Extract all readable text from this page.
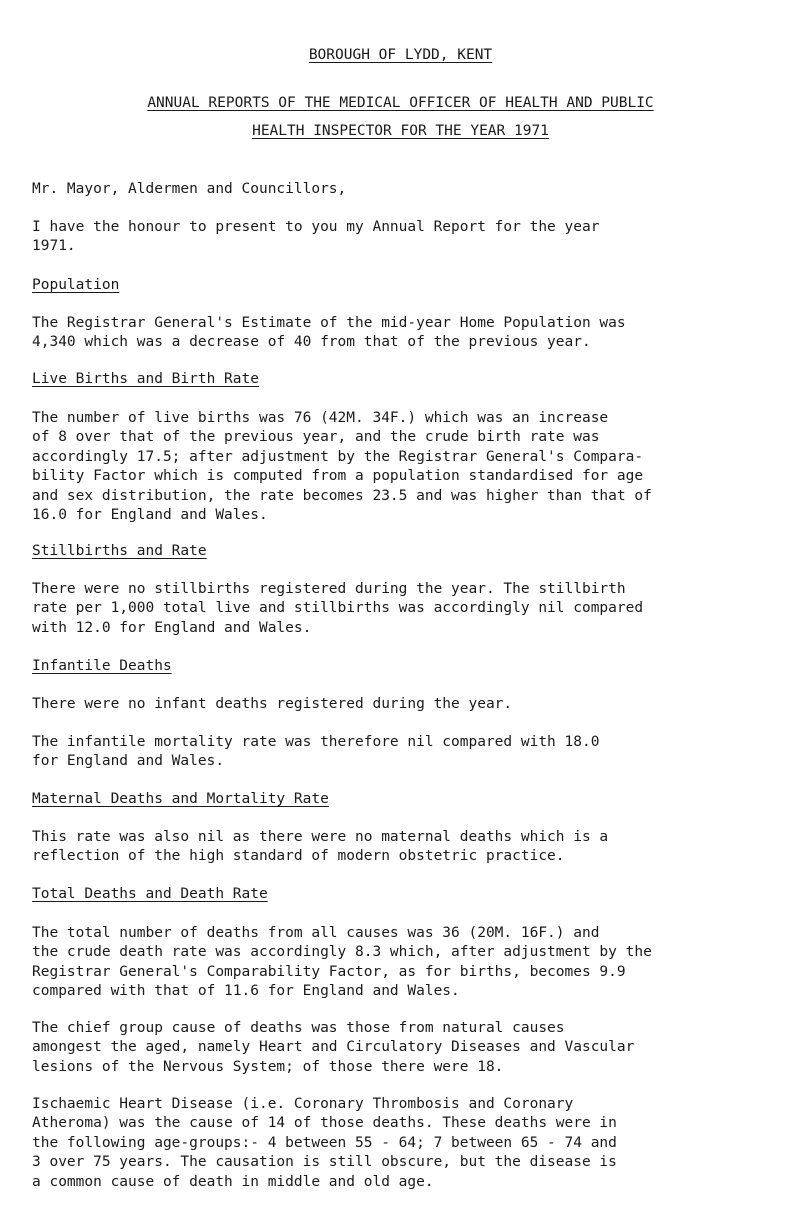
BOROUGH OF LYDD, KENT
ANNUAL REPORTS OF THE MEDICAL OFFICER OF HEALTH AND PUBLIC
HEALTH INSPECTOR FOR THE YEAR 1971
Mr. Mayor, Aldermen and Councillors,
I have the honour to present to you my Annual Report for the year
1971.
Population
The Registrar General's Estimate of the mid-year Home Population was
4,340 which was a decrease of 40 from that of the previous year.
Live Births and Birth Rate
The number of live births was 76 (42M. 34F.) which was an increase
of 8 over that of the previous year, and the crude birth rate was
accordingly 17.5; after adjustment by the Registrar General's Compara-
bility Factor which is computed from a population standardised for age
and sex distribution, the rate becomes 23.5 and was higher than that of
16.0 for England and Wales.
Stillbirths and Rate
There were no stillbirths registered during the year. The stillbirth
rate per 1,000 total live and stillbirths was accordingly nil compared
with 12.0 for England and Wales.
Infantile Deaths
There were no infant deaths registered during the year.
The infantile mortality rate was therefore nil compared with 18.0
for England and Wales.
Maternal Deaths and Mortality Rate
This rate was also nil as there were no maternal deaths which is a
reflection of the high standard of modern obstetric practice.
Total Deaths and Death Rate
The total number of deaths from all causes was 36 (20M. 16F.) and
the crude death rate was accordingly 8.3 which, after adjustment by the
Registrar General's Comparability Factor, as for births, becomes 9.9
compared with that of 11.6 for England and Wales.
The chief group cause of deaths was those from natural causes
amongest the aged, namely Heart and Circulatory Diseases and Vascular
lesions of the Nervous System; of those there were 18.
Ischaemic Heart Disease (i.e. Coronary Thrombosis and Coronary
Atheroma) was the cause of 14 of those deaths. These deaths were in
the following age-groups:- 4 between 55 - 64; 7 between 65 - 74 and
3 over 75 years. The causation is still obscure, but the disease is
a common cause of death in middle and old age.
